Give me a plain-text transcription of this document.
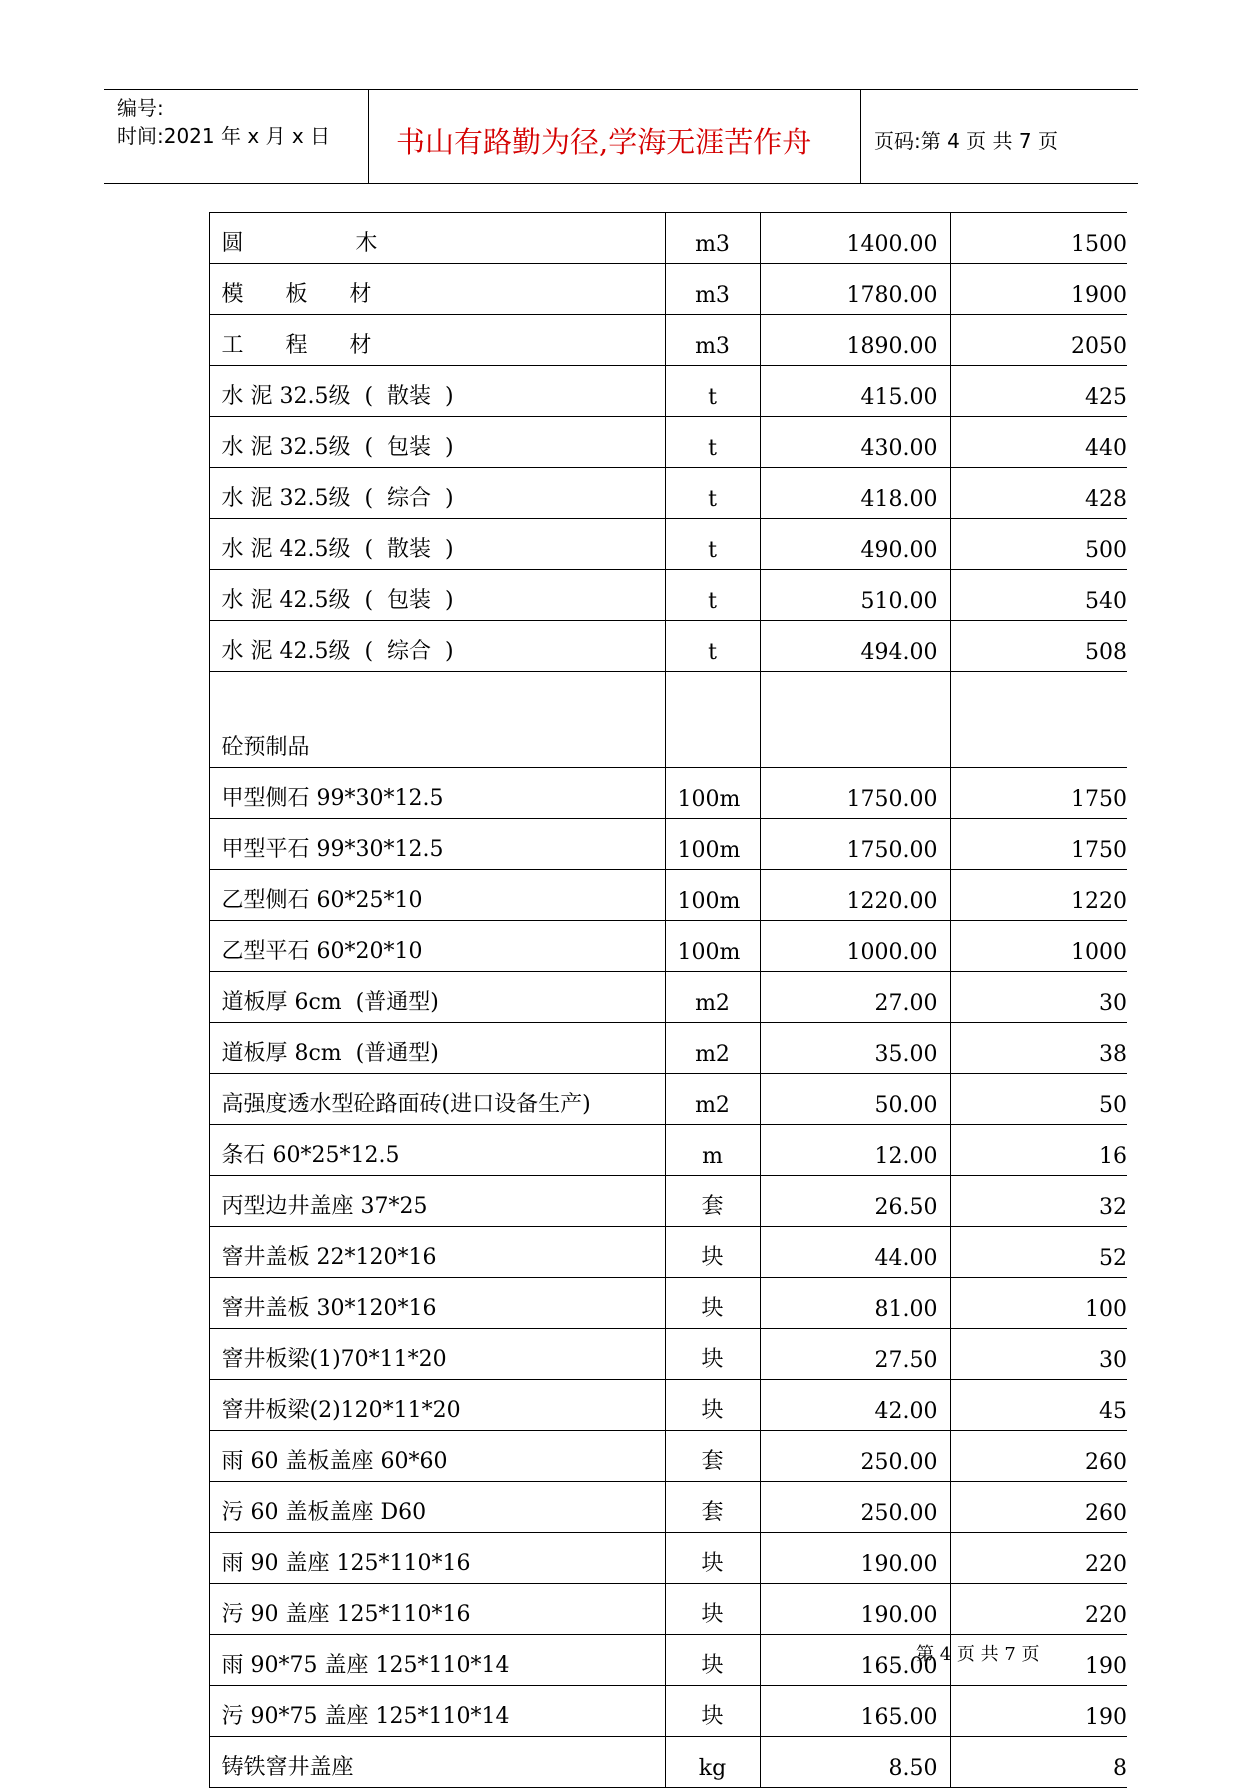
编号:
时间:2021 年 x 月 x 日 书山有路勤为径,学海无涯苦作舟	页码:第 4 页 共 7 页
	圆                木	m3	1400.00	1500
	模      板      材	m3	1780.00	1900
	工      程      材	m3	1890.00	2050
	水 泥 32.5级  (  散装  )	t	415.00	425
	水 泥 32.5级  (  包装  )	t	430.00	440
	水 泥 32.5级  (  综合  )	t	418.00	428
	水 泥 42.5级  (  散装  )	t	490.00	500
	水 泥 42.5级  (  包装  )	t	510.00	540
	水 泥 42.5级  (  综合  )	t	494.00	508
	砼预制品			
	甲型侧石 99*30*12.5	100m	1750.00	1750
	甲型平石 99*30*12.5	100m	1750.00	1750
	乙型侧石 60*25*10	100m	1220.00	1220
	乙型平石 60*20*10	100m	1000.00	1000
	道板厚 6cm  (普通型)	m2	27.00	30
	道板厚 8cm  (普通型)	m2	35.00	38
	高强度透水型砼路面砖(进口设备生产)	m2	50.00	50
	条石 60*25*12.5	m	12.00	16
	丙型边井盖座 37*25	套	26.50	32
	窨井盖板 22*120*16	块	44.00	52
	窨井盖板 30*120*16	块	81.00	100
	窨井板梁(1)70*11*20	块	27.50	30
	窨井板梁(2)120*11*20	块	42.00	45
	雨 60 盖板盖座 60*60	套	250.00	260
	污 60 盖板盖座 D60	套	250.00	260
	雨 90 盖座 125*110*16	块	190.00	220
	污 90 盖座 125*110*16	块	190.00	220
	雨 90*75 盖座 125*110*14	块	165.00	190
	污 90*75 盖座 125*110*14	块	165.00	190
	铸铁窨井盖座	kg	8.50	8
第 4 页 共 7 页
